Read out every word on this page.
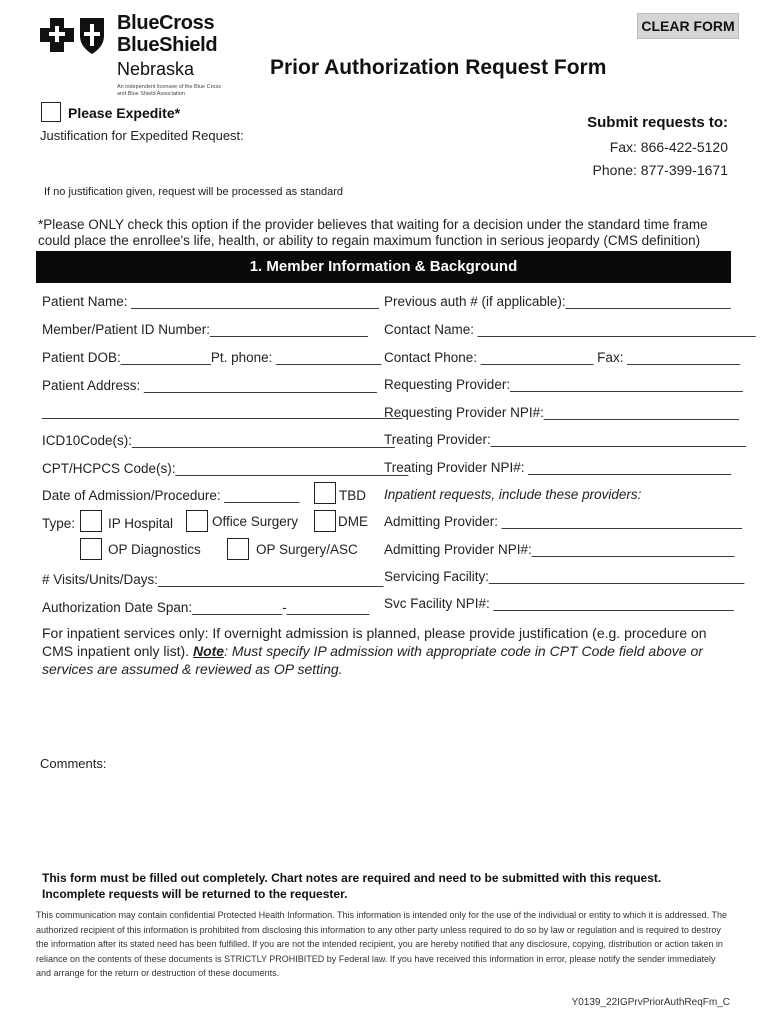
BlueCross
BlueShield
Nebraska
An independent licensee of the Blue Cross
and Blue Shield Association
CLEAR FORM
Prior Authorization Request Form
Please Expedite*
Justification for Expedited Request:
If no justification given, request will be processed as standard
Submit requests to:
Fax: 866-422-5120
Phone: 877-399-1671
*Please ONLY check this option if the provider believes that waiting for a decision under the standard time frame could place the enrollee's life, health, or ability to regain maximum function in serious jeopardy (CMS definition)
1. Member Information & Background
Patient Name: _________________________________
Member/Patient ID Number:_____________________
Patient DOB:____________Pt. phone: ______________
Patient Address: _______________________________
________________________________________________
ICD10Code(s):___________________________________
CPT/HCPCS Code(s):_______________________________
Date of Admission/Procedure: __________	TBD
Type: IP Hospital	Office Surgery	DME
OP Diagnostics	OP Surgery/ASC
# Visits/Units/Days:______________________________
Authorization Date Span:____________-___________
Previous auth # (if applicable):______________________
Contact Name: _____________________________________
Contact Phone: _______________ Fax: _______________
Requesting Provider:_______________________________
Requesting Provider NPI#:__________________________
Treating Provider:__________________________________
Treating Provider NPI#: ___________________________
Inpatient requests, include these providers:
Admitting Provider: ________________________________
Admitting Provider NPI#:___________________________
Servicing Facility:__________________________________
Svc Facility NPI#: ________________________________
For inpatient services only: If overnight admission is planned, please provide justification (e.g. procedure on CMS inpatient only list). Note: Must specify IP admission with appropriate code in CPT Code field above or services are assumed & reviewed as OP setting.
Comments:
This form must be filled out completely. Chart notes are required and need to be submitted with this request.
Incomplete requests will be returned to the requester.
This communication may contain confidential Protected Health Information. This information is intended only for the use of the individual or entity to which it is addressed. The authorized recipient of this information is prohibited from disclosing this information to any other party unless required to do so by law or regulation and is required to destroy the information after its stated need has been fulfilled. If you are not the intended recipient, you are hereby notified that any disclosure, copying, distribution or action taken in reliance on the contents of these documents is STRICTLY PROHIBITED by Federal law. If you have received this information in error, please notify the sender immediately and arrange for the return or destruction of these documents.
Y0139_22IGPrvPriorAuthReqFm_C
